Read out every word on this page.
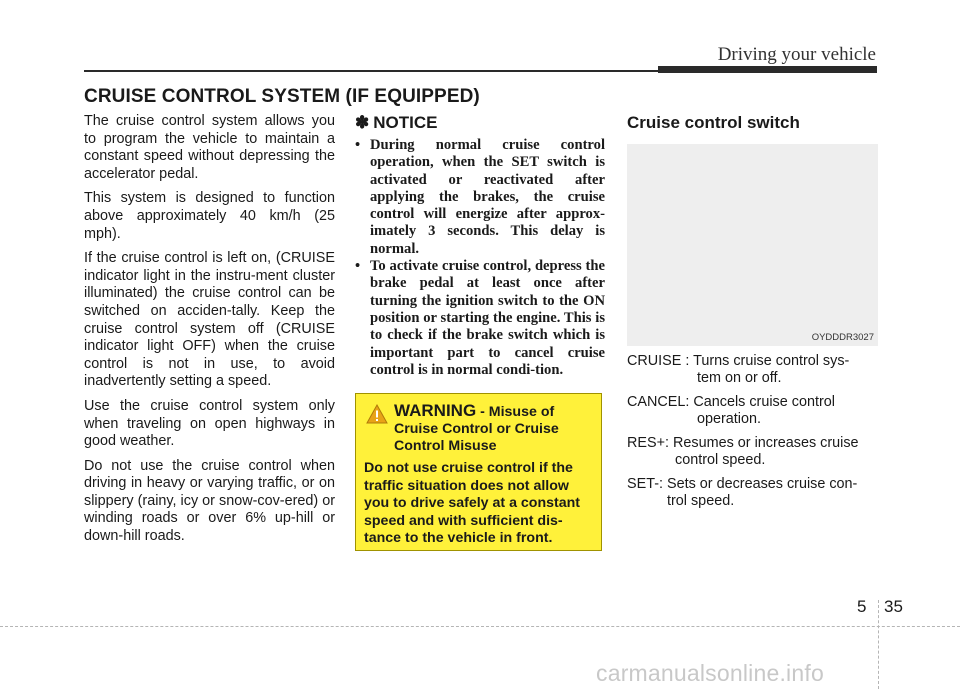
Driving your vehicle
CRUISE CONTROL SYSTEM (IF EQUIPPED)

The cruise control system allows you to program the vehicle to maintain a constant speed without depressing the accelerator pedal.

This system is designed to function above approximately 40 km/h (25 mph).

If the cruise control is left on, (CRUISE indicator light in the instru-ment cluster illuminated) the cruise control can be switched on acciden-tally. Keep the cruise control system off (CRUISE indicator light OFF) when the cruise control is not in use, to avoid inadvertently setting a speed.

Use the cruise control system only when traveling on open highways in good weather.

Do not use the cruise control when driving in heavy or varying traffic, or on slippery (rainy, icy or snow-cov-ered) or winding roads or over 6% up-hill or down-hill roads.

✽ NOTICE
• During normal cruise control operation, when the SET switch is activated or reactivated after applying the brakes, the cruise control will energize after approx-imately 3 seconds. This delay is normal.
• To activate cruise control, depress the brake pedal at least once after turning the ignition switch to the ON position or starting the engine. This is to check if the brake switch which is important part to cancel cruise control is in normal condi-tion.
WARNING - Misuse of
Cruise Control or Cruise
Control Misuse
Do not use cruise control if the traffic situation does not allow you to drive safely at a constant speed and with sufficient dis-tance to the vehicle in front.
Cruise control switch
OYDDDR3027
CRUISE : Turns cruise control sys-
tem on or off.
CANCEL: Cancels cruise control
operation.
RES+: Resumes or increases cruise
control speed.
SET-: Sets or decreases cruise con-
trol speed.
5 35
carmanualsonline.info
